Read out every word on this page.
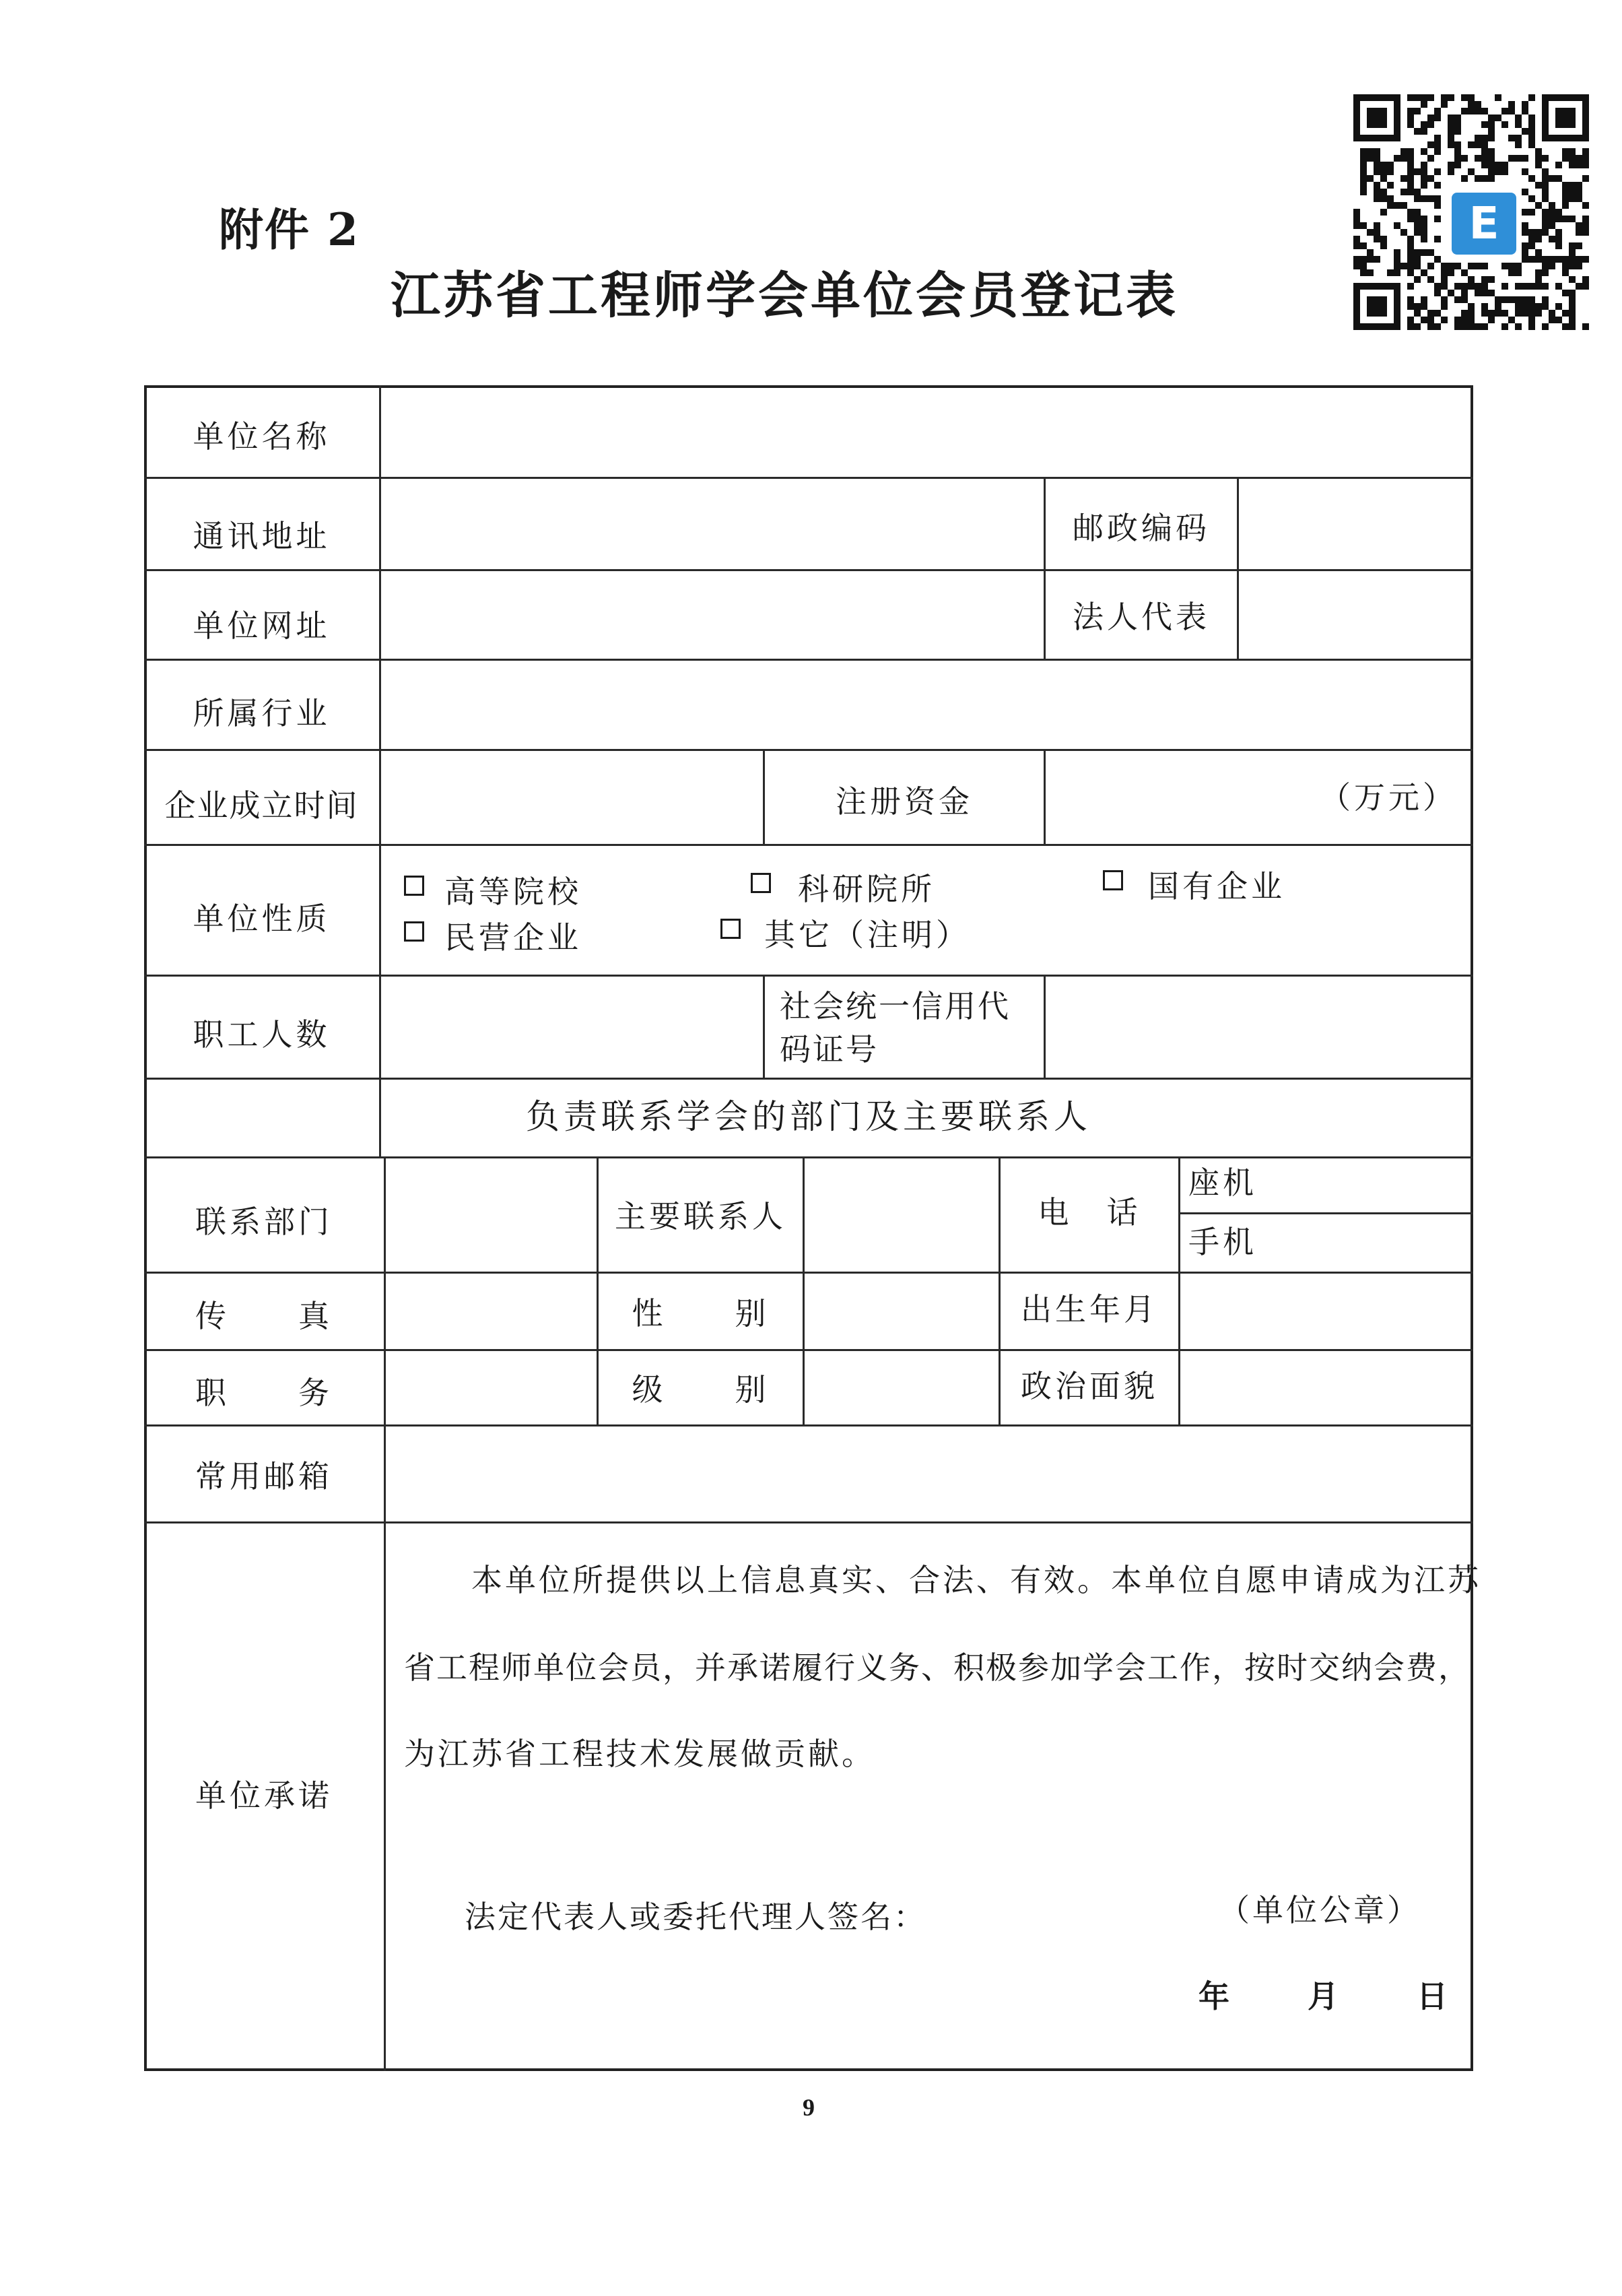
附件 2
江苏省工程师学会单位会员登记表
E
单位名称
通讯地址	邮政编码
单位网址	法人代表
所属行业
企业成立时间	注册资金	（万元）
单位性质
高等院校	科研院所	国有企业
民营企业	其它（注明）
职工人数
社会统一信用代
码证号
负责联系学会的部门及主要联系人
联系部门	主要联系人	电　话
座机
手机
传　　真	性　　别	出生年月
职　　务	级　　别	政治面貌
常用邮箱
单位承诺
本单位所提供以上信息真实、合法、有效。本单位自愿申请成为江苏
省工程师单位会员，并承诺履行义务、积极参加学会工作，按时交纳会费，
为江苏省工程技术发展做贡献。
法定代表人或委托代理人签名：	（单位公章）
年　　月　　日
9
